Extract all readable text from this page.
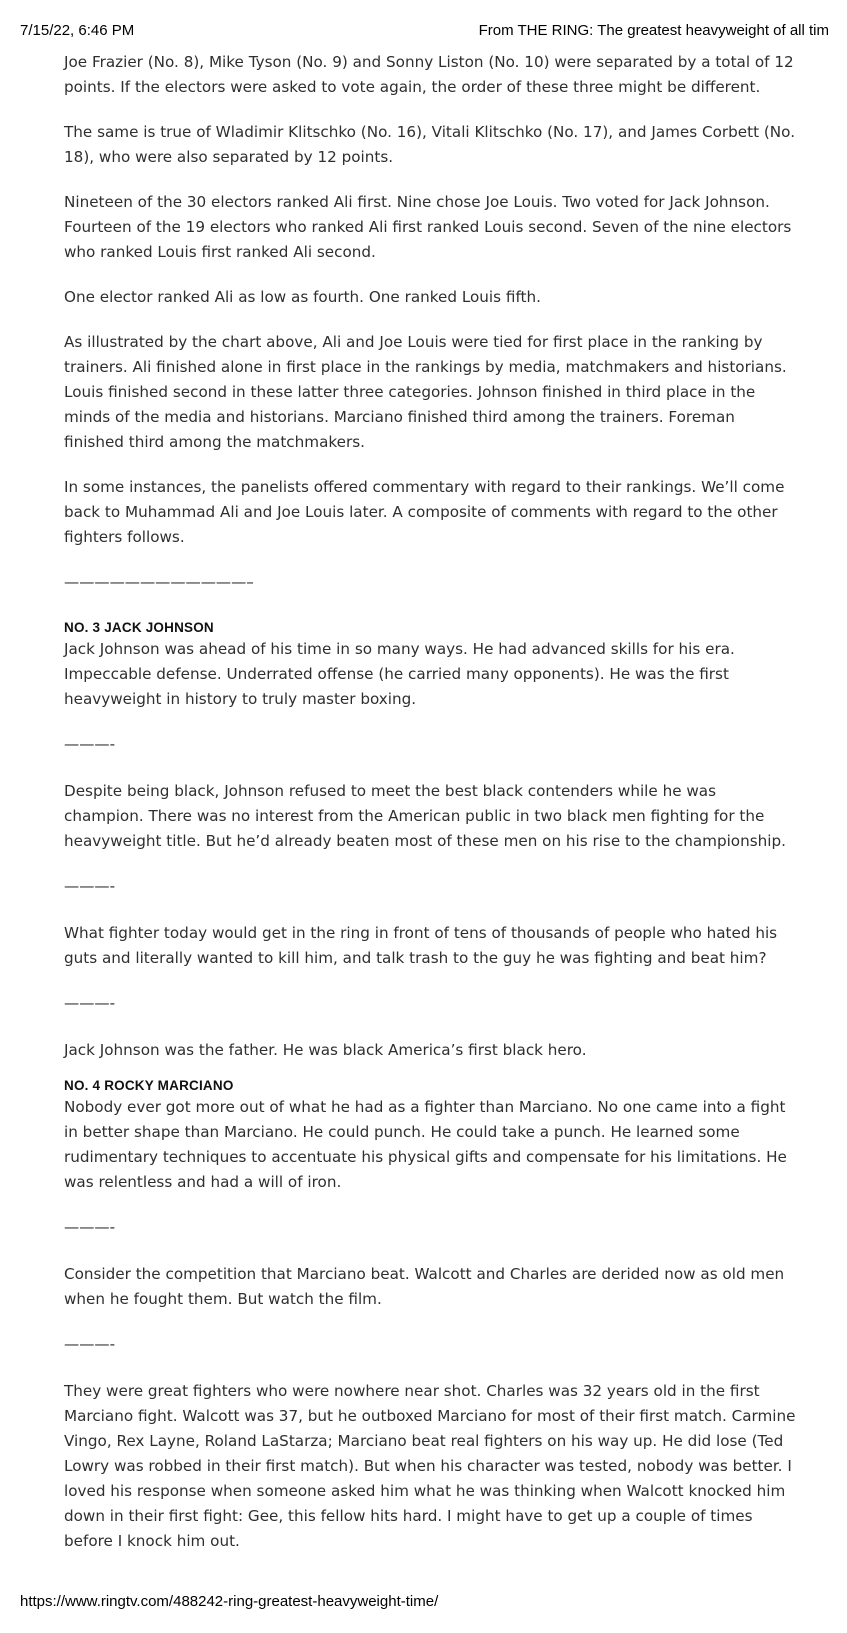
7/15/22, 6:46 PM	From THE RING: The greatest heavyweight of all tim

Joe Frazier (No. 8), Mike Tyson (No. 9) and Sonny Liston (No. 10) were separated by a total of 12 points. If the electors were asked to vote again, the order of these three might be different.

The same is true of Wladimir Klitschko (No. 16), Vitali Klitschko (No. 17), and James Corbett (No. 18), who were also separated by 12 points.

Nineteen of the 30 electors ranked Ali first. Nine chose Joe Louis. Two voted for Jack Johnson. Fourteen of the 19 electors who ranked Ali first ranked Louis second. Seven of the nine electors who ranked Louis first ranked Ali second.

One elector ranked Ali as low as fourth. One ranked Louis fifth.

As illustrated by the chart above, Ali and Joe Louis were tied for first place in the ranking by trainers. Ali finished alone in first place in the rankings by media, matchmakers and historians. Louis finished second in these latter three categories. Johnson finished in third place in the minds of the media and historians. Marciano finished third among the trainers. Foreman finished third among the matchmakers.

In some instances, the panelists offered commentary with regard to their rankings. We’ll come back to Muhammad Ali and Joe Louis later. A composite of comments with regard to the other fighters follows.

————————————–
NO. 3 JACK JOHNSON

Jack Johnson was ahead of his time in so many ways. He had advanced skills for his era. Impeccable defense. Underrated offense (he carried many opponents). He was the first heavyweight in history to truly master boxing.

———-

Despite being black, Johnson refused to meet the best black contenders while he was champion. There was no interest from the American public in two black men fighting for the heavyweight title. But he’d already beaten most of these men on his rise to the championship.

———-

What fighter today would get in the ring in front of tens of thousands of people who hated his guts and literally wanted to kill him, and talk trash to the guy he was fighting and beat him?

———-

Jack Johnson was the father. He was black America’s first black hero.

NO. 4 ROCKY MARCIANO

Nobody ever got more out of what he had as a fighter than Marciano. No one came into a fight in better shape than Marciano. He could punch. He could take a punch. He learned some rudimentary techniques to accentuate his physical gifts and compensate for his limitations. He was relentless and had a will of iron.

———-

Consider the competition that Marciano beat. Walcott and Charles are derided now as old men when he fought them. But watch the film.

———-

They were great fighters who were nowhere near shot. Charles was 32 years old in the first Marciano fight. Walcott was 37, but he outboxed Marciano for most of their first match. Carmine Vingo, Rex Layne, Roland LaStarza; Marciano beat real fighters on his way up. He did lose (Ted Lowry was robbed in their first match). But when his character was tested, nobody was better. I loved his response when someone asked him what he was thinking when Walcott knocked him down in their first fight: Gee, this fellow hits hard. I might have to get up a couple of times before I knock him out.

https://www.ringtv.com/488242-ring-greatest-heavyweight-time/
